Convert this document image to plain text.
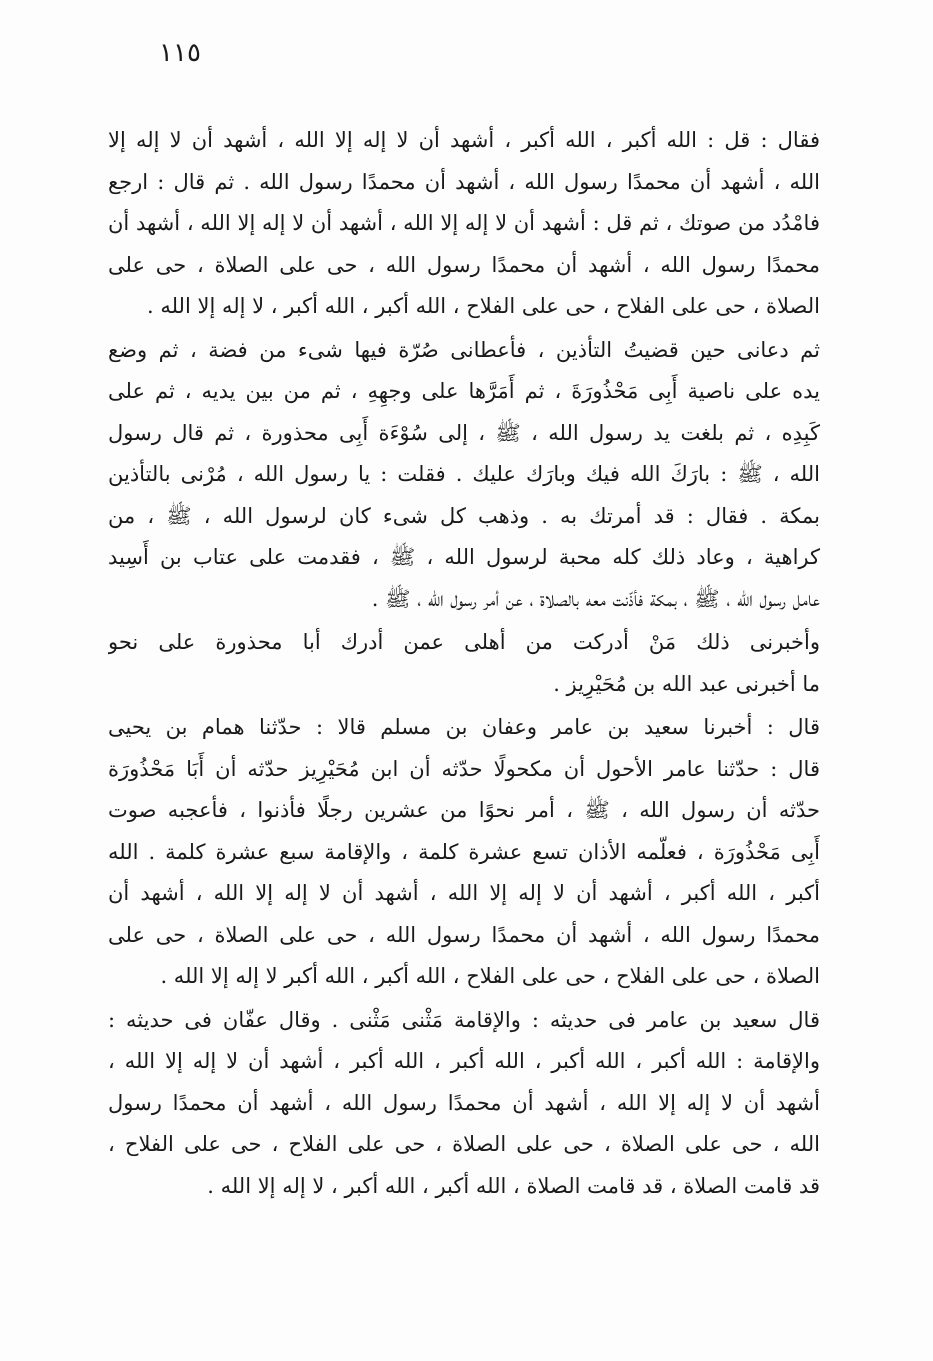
١١٥
فقال : قل : الله أكبر ، الله أكبر ، أشهد أن لا إله إلا الله ، أشهد أن لا إله إلا
الله ، أشهد أن محمدًا رسول الله ، أشهد أن محمدًا رسول الله . ثم قال : ارجع
فامْدُد من صوتك ، ثم قل : أشهد أن لا إله إلا الله ، أشهد أن لا إله إلا الله ، أشهد أن
محمدًا رسول الله ، أشهد أن محمدًا رسول الله ، حى على الصلاة ، حى على
الصلاة ، حى على الفلاح ، حى على الفلاح ، الله أكبر ، الله أكبر ، لا إله إلا الله .
ثم دعانى حين قضيتُ التأذين ، فأعطانى صُرّة فيها شىء من فضة ، ثم وضع
يده على ناصية أَبِى مَحْذُورَةَ ، ثم أَمَرَّها على وجهِهِ ، ثم من بين يديه ، ثم على
كَبِدِه ، ثم بلغت يد رسول الله ، ﷺ ، إلى سُوْءَة أَبِى محذورة ، ثم قال رسول
الله ، ﷺ : بارَكَ الله فيك وبارَك عليك . فقلت : يا رسول الله ، مُرْنى بالتأذين
بمكة . فقال : قد أمرتك به . وذهب كل شىء كان لرسول الله ، ﷺ ، من
كراهية ، وعاد ذلك كله محبة لرسول الله ، ﷺ ، فقدمت على عتاب بن أَسِيد
عامل رسول الله ، ﷺ ، بمكة فأذّنت معه بالصلاة ، عن أمر رسول الله ، ﷺ .
وأخبرنى ذلك مَنْ أدركت من أهلى عمن أدرك أبا محذورة على نحو
ما أخبرنى عبد الله بن مُحَيْرِيز .
قال : أخبرنا سعيد بن عامر وعفان بن مسلم قالا : حدّثنا همام بن يحيى
قال : حدّثنا عامر الأحول أن مكحولًا حدّثه أن ابن مُحَيْرِيز حدّثه أن أَبَا مَحْذُورَة
حدّثه أن رسول الله ، ﷺ ، أمر نحوًا من عشرين رجلًا فأذنوا ، فأعجبه صوت
أَبِى مَحْذُورَة ، فعلّمه الأذان تسع عشرة كلمة ، والإقامة سبع عشرة كلمة . الله
أكبر ، الله أكبر ، أشهد أن لا إله إلا الله ، أشهد أن لا إله إلا الله ، أشهد أن
محمدًا رسول الله ، أشهد أن محمدًا رسول الله ، حى على الصلاة ، حى على
الصلاة ، حى على الفلاح ، حى على الفلاح ، الله أكبر ، الله أكبر لا إله إلا الله .
قال سعيد بن عامر فى حديثه : والإقامة مَثْنى مَثْنى . وقال عفّان فى حديثه :
والإقامة : الله أكبر ، الله أكبر ، الله أكبر ، الله أكبر ، أشهد أن لا إله إلا الله ،
أشهد أن لا إله إلا الله ، أشهد أن محمدًا رسول الله ، أشهد أن محمدًا رسول
الله ، حى على الصلاة ، حى على الصلاة ، حى على الفلاح ، حى على الفلاح ،
قد قامت الصلاة ، قد قامت الصلاة ، الله أكبر ، الله أكبر ، لا إله إلا الله .
